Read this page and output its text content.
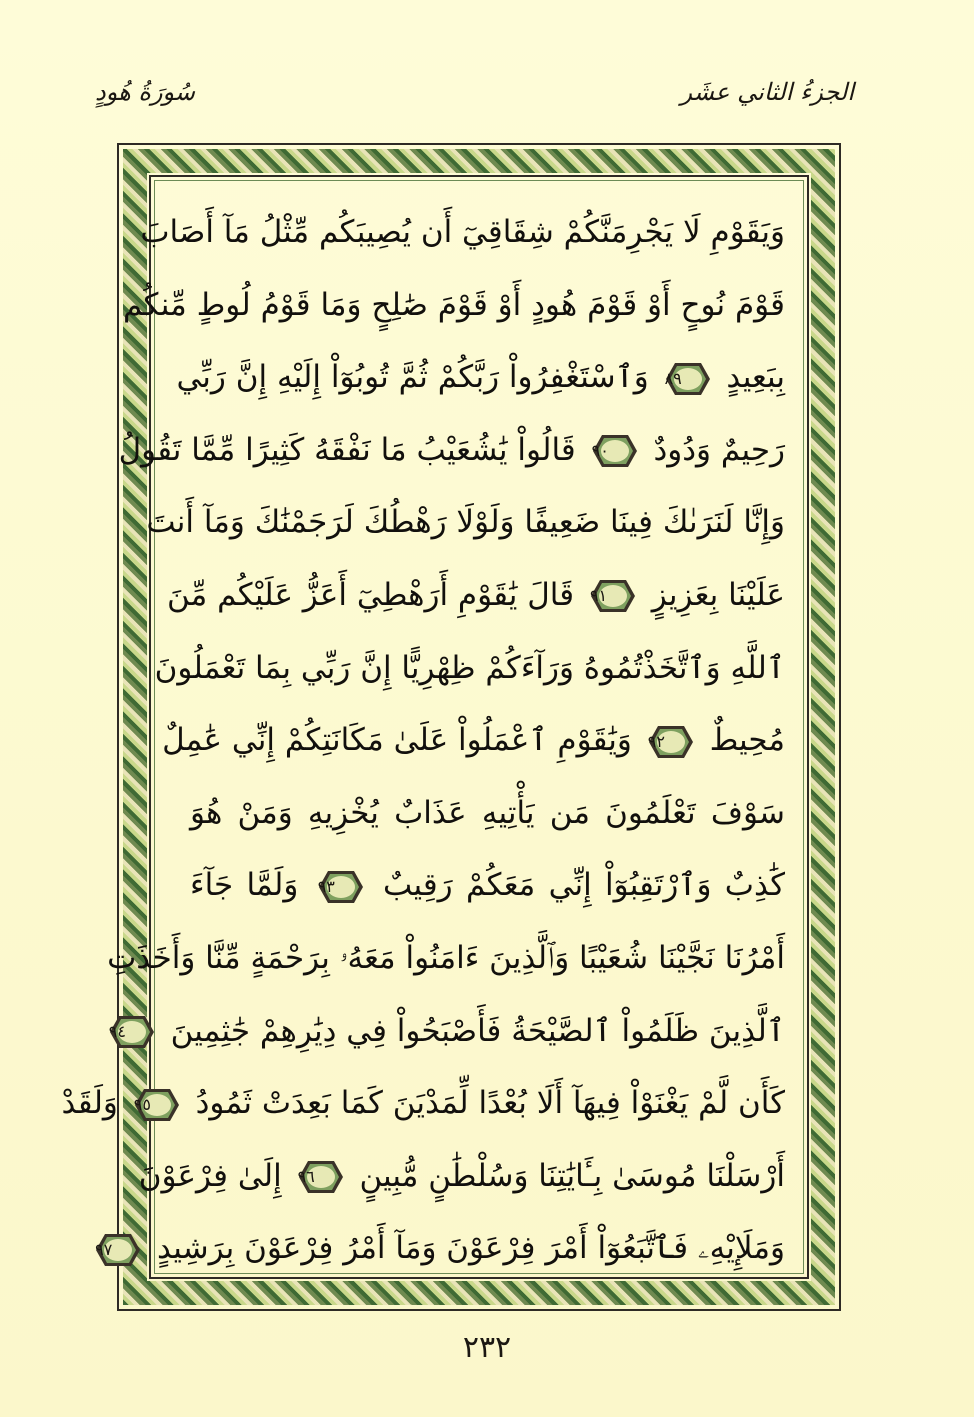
الجزءُ الثاني عشَر
سُورَةُ هُودٍ
وَيَقَوْمِ لَا يَجْرِمَنَّكُمْ شِقَاقِيٓ أَن يُصِيبَكُم مِّثْلُ مَآ أَصَابَ
قَوْمَ نُوحٍ أَوْ قَوْمَ هُودٍ أَوْ قَوْمَ صَٰلِحٍ وَمَا قَوْمُ لُوطٍ مِّنكُم
بِبَعِيدٍ
٨٩
وَٱسْتَغْفِرُواْ رَبَّكُمْ ثُمَّ تُوبُوٓاْ إِلَيْهِ إِنَّ رَبِّي
رَحِيمٌ وَدُودٌ
٩٠
قَالُواْ يَٰشُعَيْبُ مَا نَفْقَهُ كَثِيرًا مِّمَّا تَقُولُ
وَإِنَّا لَنَرَىٰكَ فِينَا ضَعِيفًا وَلَوْلَا رَهْطُكَ لَرَجَمْنَٰكَ وَمَآ أَنتَ
عَلَيْنَا بِعَزِيزٍ
٩١
قَالَ يَٰقَوْمِ أَرَهْطِيٓ أَعَزُّ عَلَيْكُم مِّنَ
ٱللَّهِ وَٱتَّخَذْتُمُوهُ وَرَآءَكُمْ ظِهْرِيًّا إِنَّ رَبِّي بِمَا تَعْمَلُونَ
مُحِيطٌ
٩٢
وَيَٰقَوْمِ ٱعْمَلُواْ عَلَىٰ مَكَانَتِكُمْ إِنِّي عَٰمِلٌ
سَوْفَ تَعْلَمُونَ مَن يَأْتِيهِ عَذَابٌ يُخْزِيهِ وَمَنْ هُوَ
كَٰذِبٌ وَٱرْتَقِبُوٓاْ إِنِّي مَعَكُمْ رَقِيبٌ
٩٣
وَلَمَّا جَآءَ
أَمْرُنَا نَجَّيْنَا شُعَيْبًا وَٱلَّذِينَ ءَامَنُواْ مَعَهُۥ بِرَحْمَةٍ مِّنَّا وَأَخَذَتِ
ٱلَّذِينَ ظَلَمُواْ ٱلصَّيْحَةُ فَأَصْبَحُواْ فِي دِيَٰرِهِمْ جَٰثِمِينَ
٩٤
كَأَن لَّمْ يَغْنَوْاْ فِيهَآ أَلَا بُعْدًا لِّمَدْيَنَ كَمَا بَعِدَتْ ثَمُودُ
٩٥
وَلَقَدْ
أَرْسَلْنَا مُوسَىٰ بِـَٔايَٰتِنَا وَسُلْطَٰنٍ مُّبِينٍ
٩٦
إِلَىٰ فِرْعَوْنَ
وَمَلَإِيْهِۦ فَٱتَّبَعُوٓاْ أَمْرَ فِرْعَوْنَ وَمَآ أَمْرُ فِرْعَوْنَ بِرَشِيدٍ
٩٧
٢٣٢
